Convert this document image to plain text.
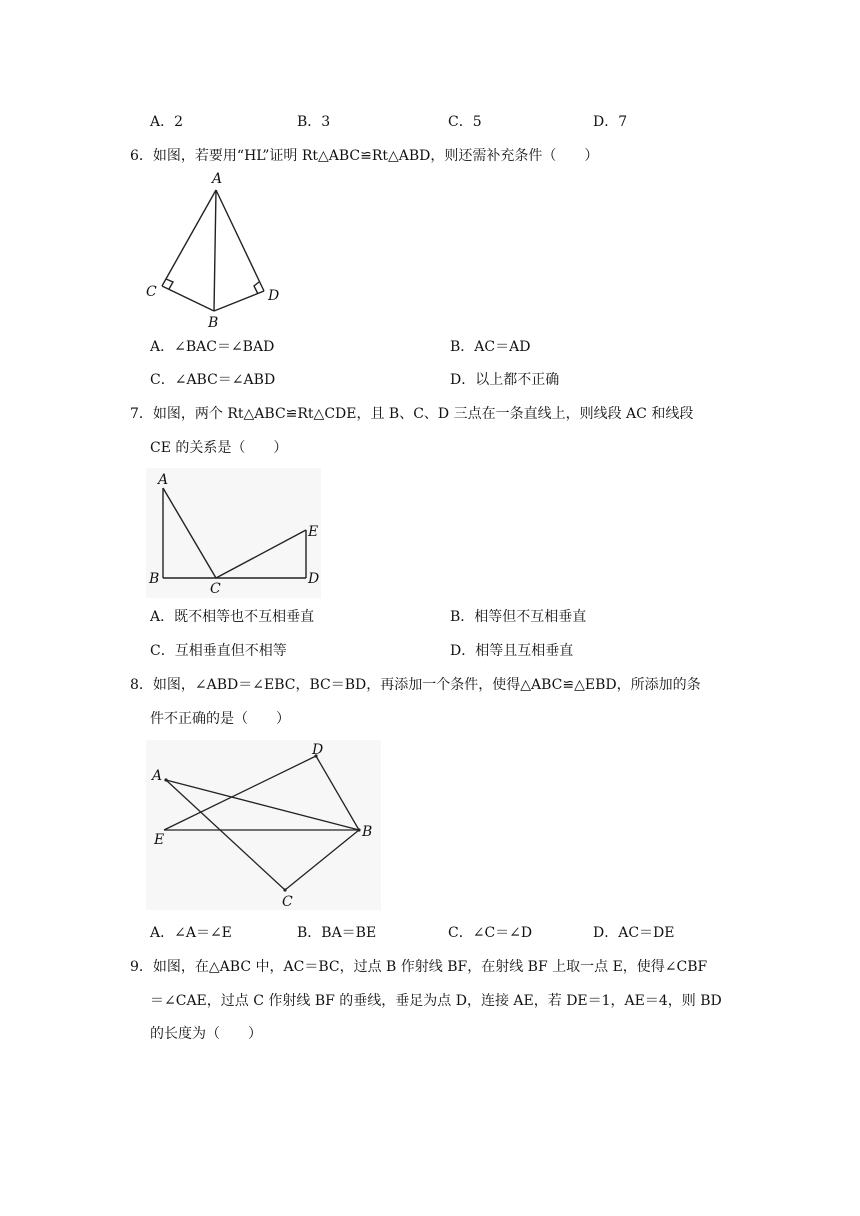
A．2	B．3	C．5	D．7
6．如图，若要用“HL”证明 Rt△ABC≌Rt△ABD，则还需补充条件（　　）
A
B
C	D
A．∠BAC＝∠BAD	B．AC＝AD
C．∠ABC＝∠ABD	D．以上都不正确
7．如图，两个 Rt△ABC≌Rt△CDE，且 B、C、D 三点在一条直线上，则线段 AC 和线段
CE 的关系是（　　）
A
B
C
D
E
A．既不相等也不互相垂直	B．相等但不互相垂直
C．互相垂直但不相等	D．相等且互相垂直
8．如图，∠ABD＝∠EBC，BC＝BD，再添加一个条件，使得△ABC≌△EBD，所添加的条
件不正确的是（　　）
A
B
C
D
E
A．∠A＝∠E	B．BA＝BE	C．∠C＝∠D	D．AC＝DE
9．如图，在△ABC 中，AC＝BC，过点 B 作射线 BF，在射线 BF 上取一点 E，使得∠CBF
＝∠CAE，过点 C 作射线 BF 的垂线，垂足为点 D，连接 AE，若 DE＝1，AE＝4，则 BD
的长度为（　　）
